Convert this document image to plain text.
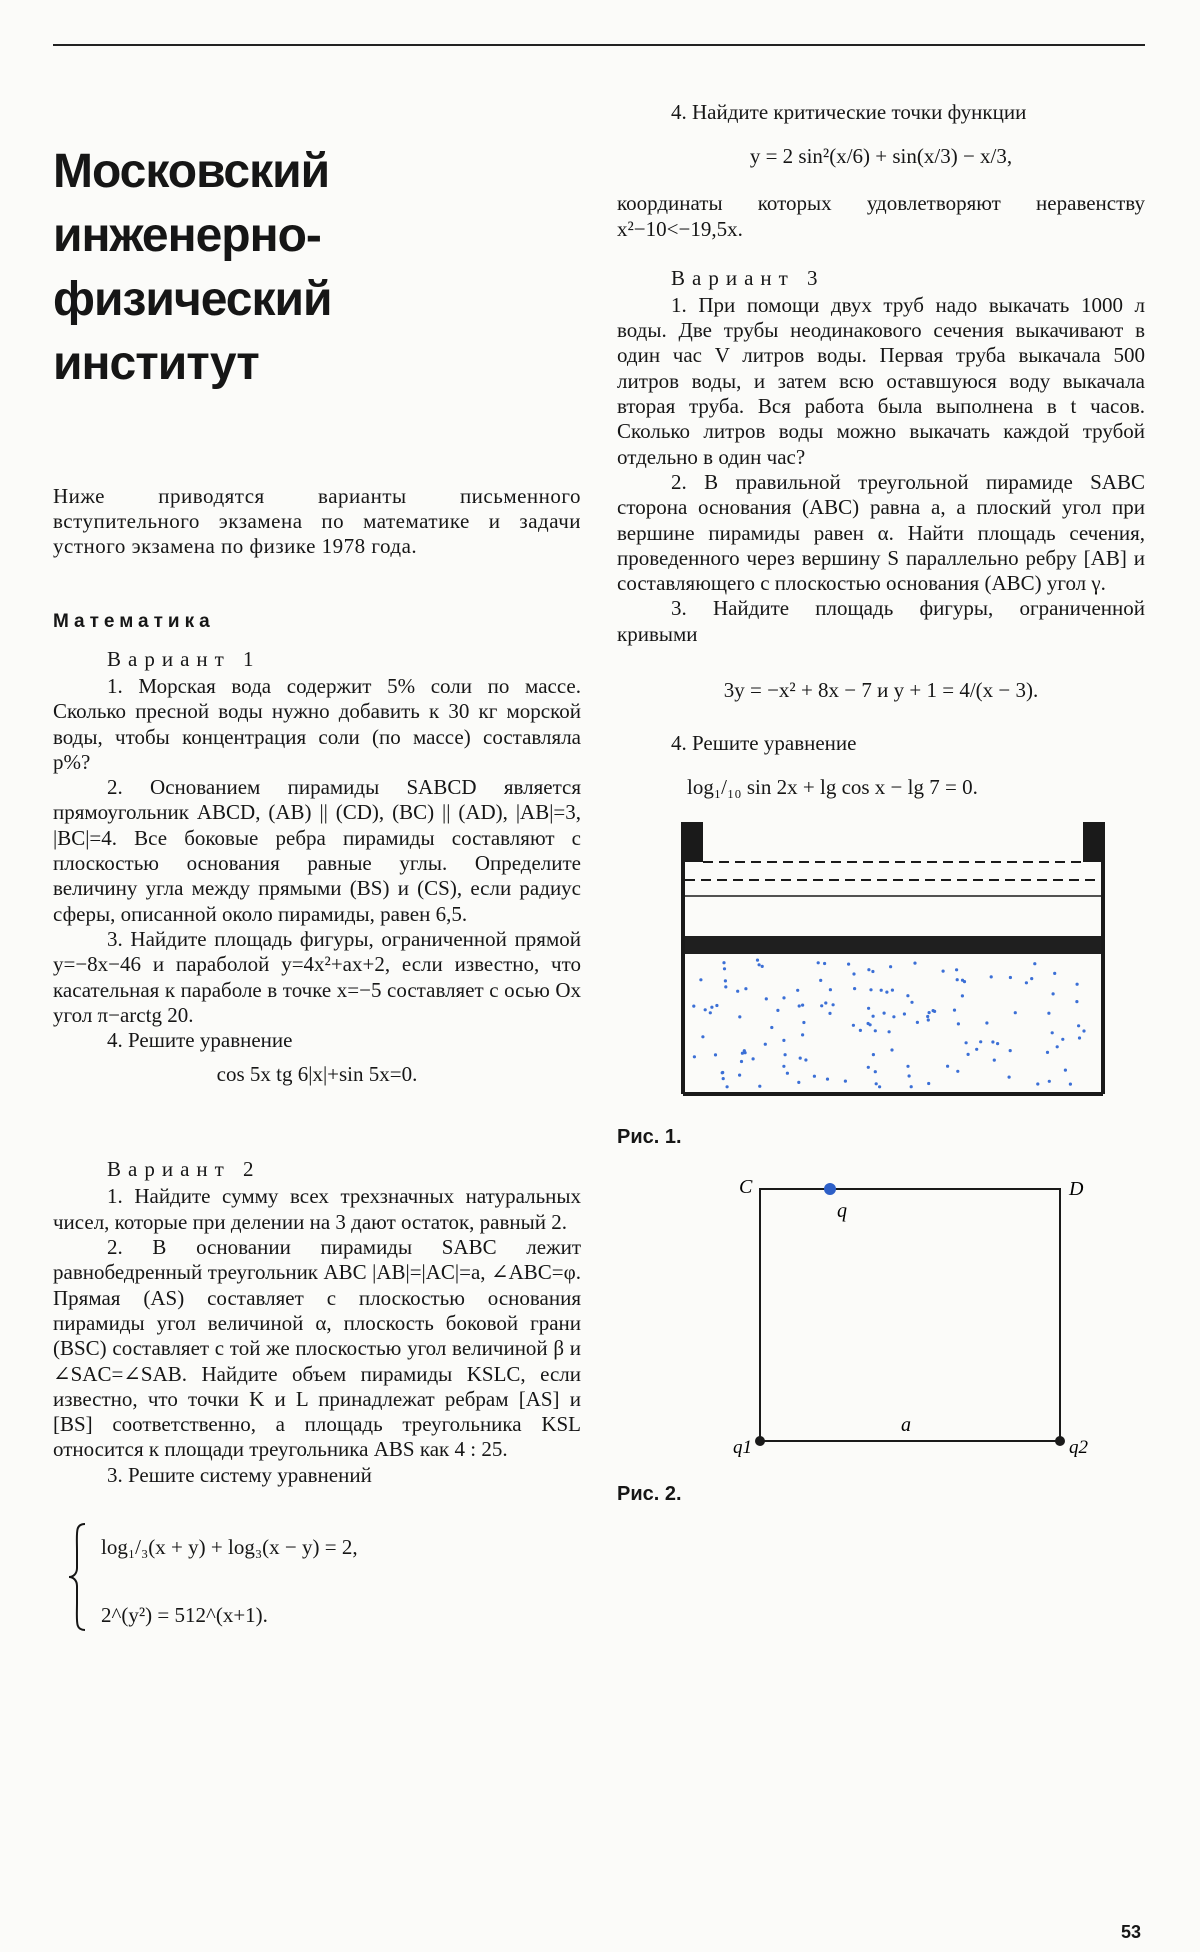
Московский
инженерно-физический
институт
Ниже приводятся варианты письменного вступительного экзамена по математике и задачи устного экзамена по физике 1978 года.
Математика
Вариант 1

1. Морская вода содержит 5% соли по массе. Сколько пресной воды нужно добавить к 30 кг морской воды, чтобы концентрация соли (по массе) составляла p%?

2. Основанием пирамиды SABCD является прямоугольник ABCD, (AB) || (CD), (BC) || (AD), |AB|=3, |BC|=4. Все боковые ребра пирамиды составляют с плоскостью основания равные углы. Определите величину угла между прямыми (BS) и (CS), если радиус сферы, описанной около пирамиды, равен 6,5.

3. Найдите площадь фигуры, ограниченной прямой y=−8x−46 и параболой y=4x²+ax+2, если известно, что касательная к параболе в точке x=−5 составляет с осью Ox угол π−arctg 20.

4. Решите уравнение

cos 5x tg 6|x|+sin 5x=0.
Вариант 2

1. Найдите сумму всех трехзначных натуральных чисел, которые при делении на 3 дают остаток, равный 2.

2. В основании пирамиды SABC лежит равнобедренный треугольник ABC |AB|=|AC|=a, ∠ABC=φ. Прямая (AS) составляет с плоскостью основания пирамиды угол величиной α, плоскость боковой грани (BSC) составляет с той же плоскостью угол величиной β и ∠SAC=∠SAB. Найдите объем пирамиды KSLC, если известно, что точки K и L принадлежат ребрам [AS] и [BS] соответственно, а площадь треугольника KSL относится к площади треугольника ABS как 4 : 25.

3. Решите систему уравнений

log₁/₃(x + y) + log₃(x − y) = 2,
2^(y²) = 512^(x+1).

4. Найдите критические точки функции

y = 2 sin²(x/6) + sin(x/3) − x/3,

координаты которых удовлетворяют неравенству x²−10<−19,5x.

Вариант 3

1. При помощи двух труб надо выкачать 1000 л воды. Две трубы неодинакового сечения выкачивают в один час V литров воды. Первая труба выкачала 500 литров воды, и затем всю оставшуюся воду выкачала вторая труба. Вся работа была выполнена в t часов. Сколько литров воды можно выкачать каждой трубой отдельно в один час?

2. В правильной треугольной пирамиде SABC сторона основания (ABC) равна a, а плоский угол при вершине пирамиды равен α. Найти площадь сечения, проведенного через вершину S параллельно ребру [AB] и составляющего с плоскостью основания (ABC) угол γ.

3. Найдите площадь фигуры, ограниченной кривыми

3y = −x² + 8x − 7 и y + 1 = 4/(x − 3).

4. Решите уравнение

log₁/₁₀ sin 2x + lg cos x − lg 7 = 0.
Рис. 1.
C	D
q
q1	q2
a
Рис. 2.
53
